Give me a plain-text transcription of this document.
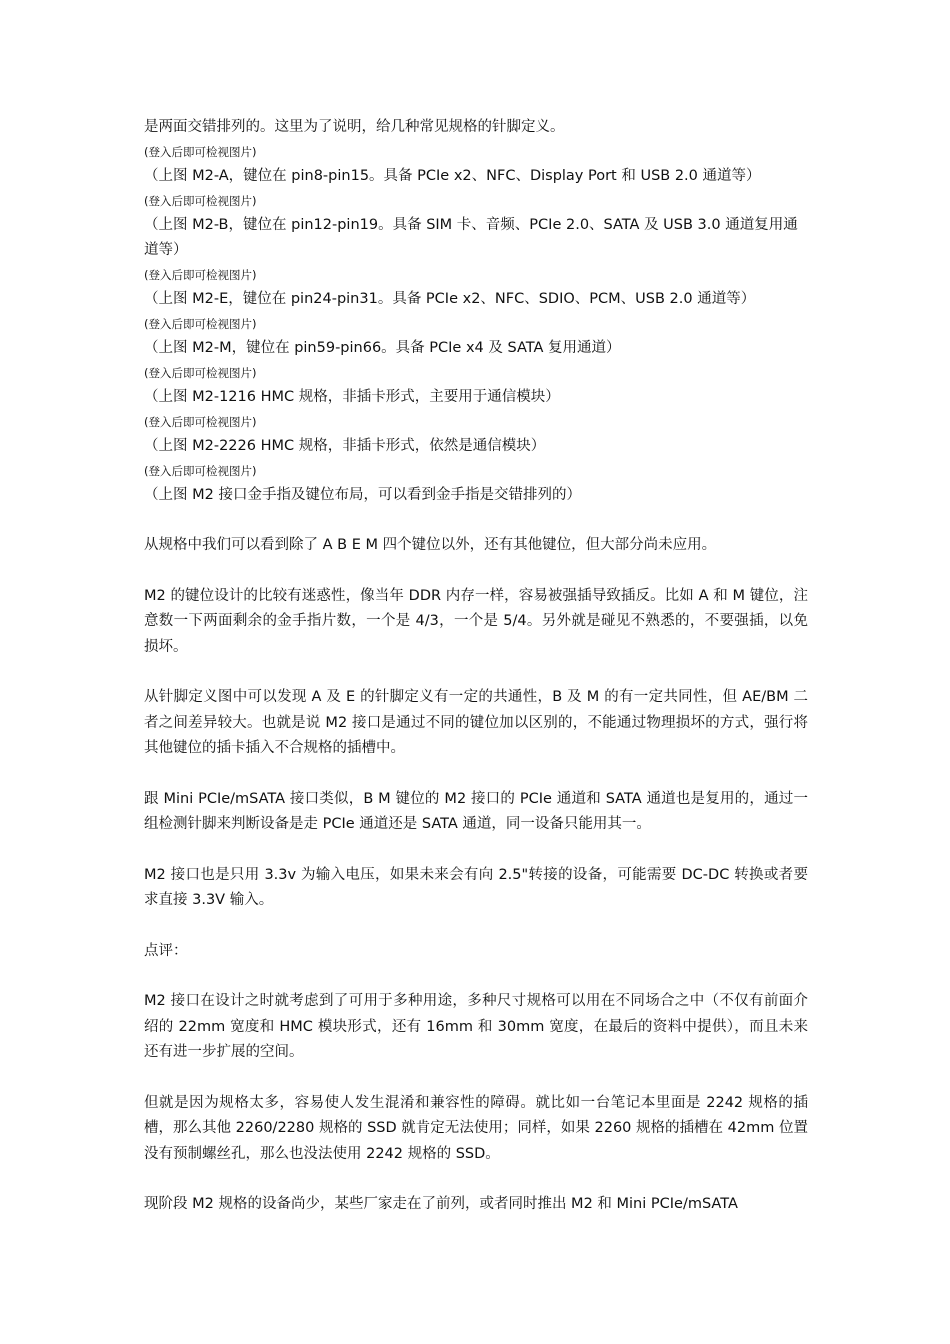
是两面交错排列的。这里为了说明，给几种常见规格的针脚定义。
(登入后即可检视图片)
（上图 M2-A，键位在 pin8-pin15。具备 PCIe x2、NFC、Display Port 和 USB 2.0 通道等）
(登入后即可检视图片)
（上图 M2-B，键位在 pin12-pin19。具备 SIM 卡、音频、PCIe 2.0、SATA 及 USB 3.0 通道复用通道等）
(登入后即可检视图片)
（上图 M2-E，键位在 pin24-pin31。具备 PCIe x2、NFC、SDIO、PCM、USB 2.0 通道等）
(登入后即可检视图片)
（上图 M2-M，键位在 pin59-pin66。具备 PCIe x4 及 SATA 复用通道）
(登入后即可检视图片)
（上图 M2-1216 HMC 规格，非插卡形式，主要用于通信模块）
(登入后即可检视图片)
（上图 M2-2226 HMC 规格，非插卡形式，依然是通信模块）
(登入后即可检视图片)
（上图 M2 接口金手指及键位布局，可以看到金手指是交错排列的）
从规格中我们可以看到除了 A B E M 四个键位以外，还有其他键位，但大部分尚未应用。
M2 的键位设计的比较有迷惑性，像当年 DDR 内存一样，容易被强插导致插反。比如 A 和 M 键位，注意数一下两面剩余的金手指片数，一个是 4/3，一个是 5/4。另外就是碰见不熟悉的，不要强插，以免损坏。
从针脚定义图中可以发现 A 及 E 的针脚定义有一定的共通性，B 及 M 的有一定共同性，但 AE/BM 二者之间差异较大。也就是说 M2 接口是通过不同的键位加以区别的，不能通过物理损坏的方式，强行将其他键位的插卡插入不合规格的插槽中。
跟 Mini PCIe/mSATA 接口类似，B M 键位的 M2 接口的 PCIe 通道和 SATA 通道也是复用的，通过一组检测针脚来判断设备是走 PCIe 通道还是 SATA 通道，同一设备只能用其一。
M2 接口也是只用 3.3v 为输入电压，如果未来会有向 2.5"转接的设备，可能需要 DC-DC 转换或者要求直接 3.3V 输入。
点评：
M2 接口在设计之时就考虑到了可用于多种用途，多种尺寸规格可以用在不同场合之中（不仅有前面介绍的 22mm 宽度和 HMC 模块形式，还有 16mm 和 30mm 宽度，在最后的资料中提供），而且未来还有进一步扩展的空间。
但就是因为规格太多，容易使人发生混淆和兼容性的障碍。就比如一台笔记本里面是 2242 规格的插槽，那么其他 2260/2280 规格的 SSD 就肯定无法使用；同样，如果 2260 规格的插槽在 42mm 位置没有预制螺丝孔，那么也没法使用 2242 规格的 SSD。
现阶段 M2 规格的设备尚少，某些厂家走在了前列，或者同时推出 M2 和 Mini PCIe/mSATA
